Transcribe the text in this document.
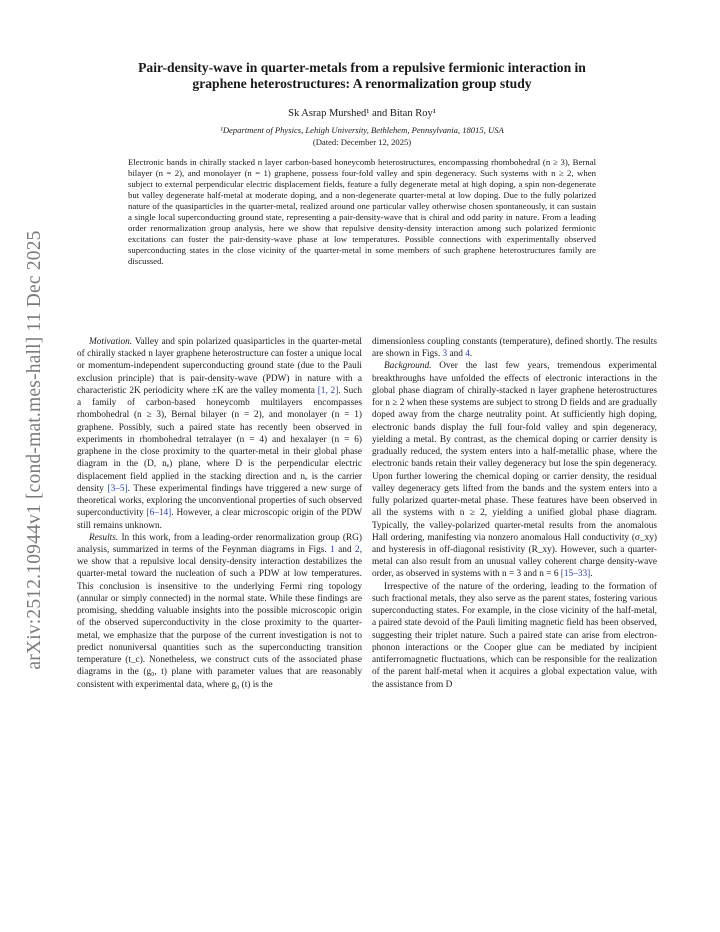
arXiv:2512.10944v1 [cond-mat.mes-hall] 11 Dec 2025
Pair-density-wave in quarter-metals from a repulsive fermionic interaction in
graphene heterostructures: A renormalization group study
Sk Asrap Murshed¹ and Bitan Roy¹
¹Department of Physics, Lehigh University, Bethlehem, Pennsylvania, 18015, USA
(Dated: December 12, 2025)
Electronic bands in chirally stacked n layer carbon-based honeycomb heterostructures, encompassing rhombohedral (n ≥ 3), Bernal bilayer (n = 2), and monolayer (n = 1) graphene, possess four-fold valley and spin degeneracy. Such systems with n ≥ 2, when subject to external perpendicular electric displacement fields, feature a fully degenerate metal at high doping, a spin non-degenerate but valley degenerate half-metal at moderate doping, and a non-degenerate quarter-metal at low doping. Due to the fully polarized nature of the quasiparticles in the quarter-metal, realized around one particular valley otherwise chosen spontaneously, it can sustain a single local superconducting ground state, representing a pair-density-wave that is chiral and odd parity in nature. From a leading order renormalization group analysis, here we show that repulsive density-density interaction among such polarized fermionic excitations can foster the pair-density-wave phase at low temperatures. Possible connections with experimentally observed superconducting states in the close vicinity of the quarter-metal in some members of such graphene heterostructures family are discussed.

Motivation. Valley and spin polarized quasiparticles in the quarter-metal of chirally stacked n layer graphene heterostructure can foster a unique local or momentum-independent superconducting ground state (due to the Pauli exclusion principle) that is pair-density-wave (PDW) in nature with a characteristic 2K periodicity where ±K are the valley momenta [1, 2]. Such a family of carbon-based honeycomb multilayers encompasses rhombohedral (n ≥ 3), Bernal bilayer (n = 2), and monolayer (n = 1) graphene. Possibly, such a paired state has recently been observed in experiments in rhombohedral tetralayer (n = 4) and hexalayer (n = 6) graphene in the close proximity to the quarter-metal in their global phase diagram in the (D, nₑ) plane, where D is the perpendicular electric displacement field applied in the stacking direction and nₑ is the carrier density [3–5]. These experimental findings have triggered a new surge of theoretical works, exploring the unconventional properties of such observed superconductivity [6–14]. However, a clear microscopic origin of the PDW still remains unknown.

Results. In this work, from a leading-order renormalization group (RG) analysis, summarized in terms of the Feynman diagrams in Figs. 1 and 2, we show that a repulsive local density-density interaction destabilizes the quarter-metal toward the nucleation of such a PDW at low temperatures. This conclusion is insensitive to the underlying Fermi ring topology (annular or simply connected) in the normal state. While these findings are promising, shedding valuable insights into the possible microscopic origin of the observed superconductivity in the close proximity to the quarter-metal, we emphasize that the purpose of the current investigation is not to predict nonuniversal quantities such as the superconducting transition temperature (t_c). Nonetheless, we construct cuts of the associated phase diagrams in the (g₀, t) plane with parameter values that are reasonably consistent with experimental data, where g₀ (t) is the

dimensionless coupling constants (temperature), defined shortly. The results are shown in Figs. 3 and 4.

Background. Over the last few years, tremendous experimental breakthroughs have unfolded the effects of electronic interactions in the global phase diagram of chirally-stacked n layer graphene heterostructures for n ≥ 2 when these systems are subject to strong D fields and are gradually doped away from the charge neutrality point. At sufficiently high doping, electronic bands display the full four-fold valley and spin degeneracy, yielding a metal. By contrast, as the chemical doping or carrier density is gradually reduced, the system enters into a half-metallic phase, where the electronic bands retain their valley degeneracy but lose the spin degeneracy. Upon further lowering the chemical doping or carrier density, the residual valley degeneracy gets lifted from the bands and the system enters into a fully polarized quarter-metal phase. These features have been observed in all the systems with n ≥ 2, yielding a unified global phase diagram. Typically, the valley-polarized quarter-metal results from the anomalous Hall ordering, manifesting via nonzero anomalous Hall conductivity (σ_xy) and hysteresis in off-diagonal resistivity (R_xy). However, such a quarter-metal can also result from an unusual valley coherent charge density-wave order, as observed in systems with n = 3 and n = 6 [15–33].

Irrespective of the nature of the ordering, leading to the formation of such fractional metals, they also serve as the parent states, fostering various superconducting states. For example, in the close vicinity of the half-metal, a paired state devoid of the Pauli limiting magnetic field has been observed, suggesting their triplet nature. Such a paired state can arise from electron-phonon interactions or the Cooper glue can be mediated by incipient antiferromagnetic fluctuations, which can be responsible for the realization of the parent half-metal when it acquires a global expectation value, with the assistance from D
